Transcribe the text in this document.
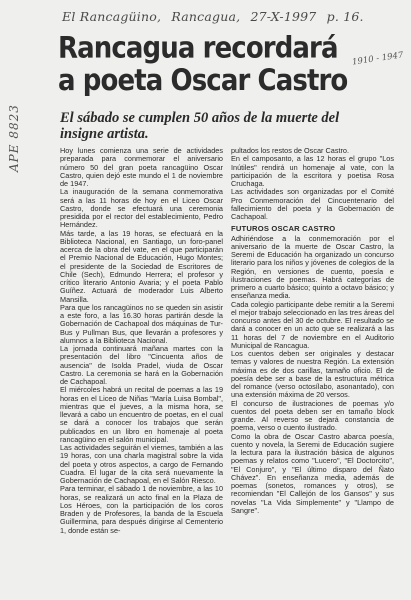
El Rancagüino, Rancagua, 27-X-1997 p. 16.
APE 8823
1910 - 1947
Rancagua recordará
a poeta Oscar Castro
El sábado se cumplen 50 años de la muerte del insigne artista.

Hoy lunes comienza una serie de actividades preparada para conmemorar el aniversario número 50 del gran poeta rancagüino Oscar Castro, quien dejó este mundo el 1 de noviembre de 1947.

La inauguración de la semana conmemorativa será a las 11 horas de hoy en el Liceo Oscar Castro, donde se efectuará una ceremonia presidida por el rector del establecimiento, Pedro Hernández.

Más tarde, a las 19 horas, se efectuará en la Biblioteca Nacional, en Santiago, un foro-panel acerca de la obra del vate, en el que participarán el Premio Nacional de Educación, Hugo Montes; el presidente de la Sociedad de Escritores de Chile (Sech), Edmundo Herrera; el profesor y crítico literario Antonio Avaria; y el poeta Pablo Guíñez. Actuará de moderador Luis Alberto Mansilla.

Para que los rancagüinos no se queden sin asistir a este foro, a las 16.30 horas partirán desde la Gobernación de Cachapoal dos máquinas de Tur-Bus y Pullman Bus, que llevarán a profesores y alumnos a la Biblioteca Nacional.

La jornada continuará mañana martes con la presentación del libro "Cincuenta años de ausencia" de Isolda Pradel, viuda de Oscar Castro. La ceremonia se hará en la Gobernación de Cachapoal.

El miércoles habrá un recital de poemas a las 19 horas en el Liceo de Niñas "María Luisa Bombal", mientras que el jueves, a la misma hora, se llevará a cabo un encuentro de poetas, en el cual se dará a conocer los trabajos que serán publicados en un libro en homenaje al poeta rancagüino en el salón municipal.

Las actividades seguirán el viernes, también a las 19 horas, con una charla magistral sobre la vida del poeta y otros aspectos, a cargo de Fernando Cuadra. El lugar de la cita será nuevamente la Gobernación de Cachapoal, en el Salón Riesco.

Para terminar, el sábado 1 de noviembre, a las 10 horas, se realizará un acto final en la Plaza de Los Héroes, con la participación de los coros Braden y de Profesores, la banda de la Escuela Guillermina, para después dirigirse al Cementerio 1, donde están se-

pultados los restos de Oscar Castro.

En el camposanto, a las 12 horas el grupo "Los Inútiles" rendirá un homenaje al vate, con la participación de la escritora y poetisa Rosa Cruchaga.

Las actividades son organizadas por el Comité Pro Conmemoración del Cincuentenario del fallecimiento del poeta y la Gobernación de Cachapoal.

FUTUROS OSCAR CASTRO

Adhiriéndose a la conmemoración por el aniversario de la muerte de Oscar Castro, la Seremi de Educación ha organizado un concurso literario para los niños y jóvenes de colegios de la Región, en versiones de cuento, poesía e ilustraciones de poemas. Habrá categorías de primero a cuarto básico; quinto a octavo básico; y enseñanza media.

Cada colegio participante debe remitir a la Seremi el mejor trabajo seleccionado en las tres áreas del concurso antes del 30 de octubre. El resultado se dará a conocer en un acto que se realizará a las 11 horas del 7 de noviembre en el Auditorio Municipal de Rancagua.

Los cuentos deben ser originales y destacar temas y valores de nuestra Región. La extensión máxima es de dos carillas, tamaño oficio. El de poesía debe ser a base de la estructura métrica del romance (verso octosílabo, asonantado), con una extensión máxima de 20 versos.

El concurso de ilustraciones de poemas y/o cuentos del poeta deben ser en tamaño block grande. Al reverso se dejará constancia de poema, verso o cuento ilustrado.

Como la obra de Oscar Castro abarca poesía, cuento y novela, la Seremi de Educación sugiere la lectura para la ilustración básica de algunos poemas y relatos como "Lucero", "El Doctorcito", "El Conjuro", y "El último disparo del Ñato Chávez". En enseñanza media, además de poemas (sonetos, romances y otros), se recomiendan "El Callejón de los Gansos" y sus novelas "La Vida Simplemente" y "Llampo de Sangre".
